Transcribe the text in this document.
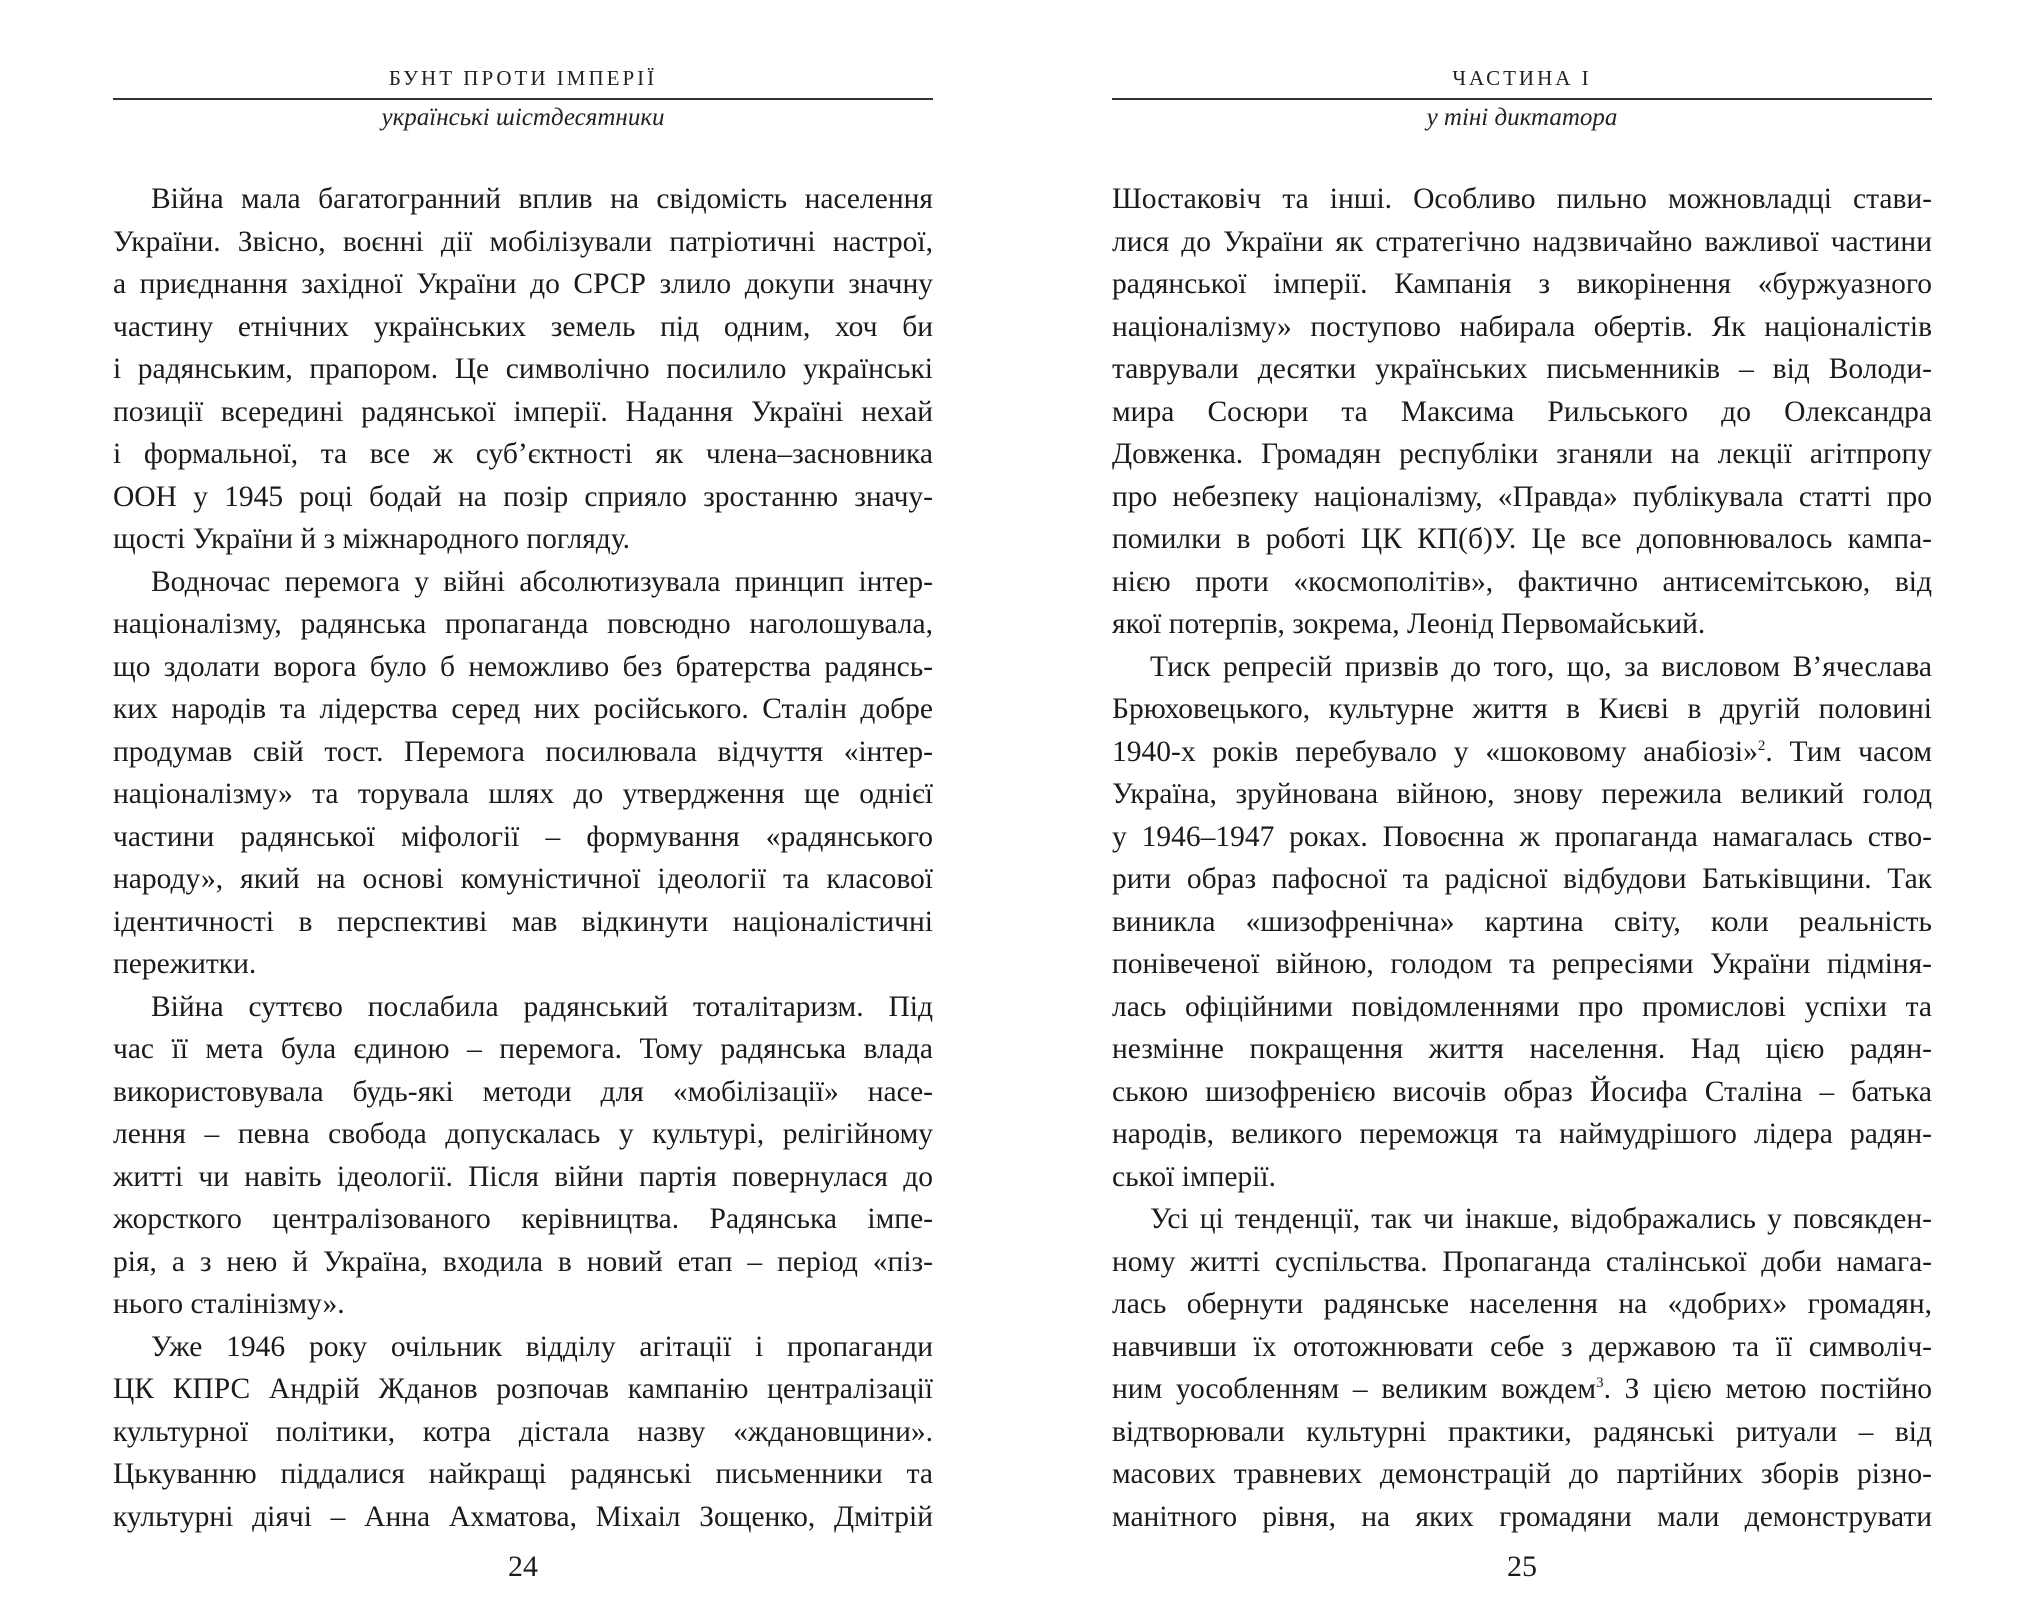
БУНТ ПРОТИ ІМПЕРІЇ
українські шістдесятники
Війна мала багатогранний вплив на свідомість населення
України. Звісно, воєнні дії мобілізували патріотичні настрої,
а приєднання західної України до СРСР злило докупи значну
частину етнічних українських земель під одним, хоч би
і радянським, прапором. Це символічно посилило українські
позиції всередині радянської імперії. Надання Україні нехай
і формальної, та все ж суб’єктності як члена–засновника
ООН у 1945 році бодай на позір сприяло зростанню значу-
щості України й з міжнародного погляду.
Водночас перемога у війні абсолютизувала принцип інтер-
націоналізму, радянська пропаганда повсюдно наголошувала,
що здолати ворога було б неможливо без братерства радянсь-
ких народів та лідерства серед них російського. Сталін добре
продумав свій тост. Перемога посилювала відчуття «інтер-
націоналізму» та торувала шлях до утвердження ще однієї
частини радянської міфології – формування «радянського
народу», який на основі комуністичної ідеології та класової
ідентичності в перспективі мав відкинути націоналістичні
пережитки.
Війна суттєво послабила радянський тоталітаризм. Під
час її мета була єдиною – перемога. Тому радянська влада
використовувала будь-які методи для «мобілізації» насе-
лення – певна свобода допускалась у культурі, релігійному
житті чи навіть ідеології. Після війни партія повернулася до
жорсткого централізованого керівництва. Радянська імпе-
рія, а з нею й Україна, входила в новий етап – період «піз-
нього сталінізму».
Уже 1946 року очільник відділу агітації і пропаганди
ЦК КПРС Андрій Жданов розпочав кампанію централізації
культурної політики, котра дістала назву «ждановщини».
Цькуванню піддалися найкращі радянські письменники та
культурні діячі – Анна Ахматова, Міхаіл Зощенко, Дмітрій
24
ЧАСТИНА І
у тіні диктатора
Шостаковіч та інші. Особливо пильно можновладці стави-
лися до України як стратегічно надзвичайно важливої частини
радянської імперії. Кампанія з викорінення «буржуазного
націоналізму» поступово набирала обертів. Як націоналістів
таврували десятки українських письменників – від Володи-
мира Сосюри та Максима Рильського до Олександра
Довженка. Громадян республіки зганяли на лекції агітпропу
про небезпеку націоналізму, «Правда» публікувала статті про
помилки в роботі ЦК КП(б)У. Це все доповнювалось кампа-
нією проти «космополітів», фактично антисемітською, від
якої потерпів, зокрема, Леонід Первомайський.
Тиск репресій призвів до того, що, за висловом В’ячеслава
Брюховецького, культурне життя в Києві в другій половині
1940-х років перебувало у «шоковому анабіозі»$^2$. Тим часом
Україна, зруйнована війною, знову пережила великий голод
у 1946–1947 роках. Повоєнна ж пропаганда намагалась ство-
рити образ пафосної та радісної відбудови Батьківщини. Так
виникла «шизофренічна» картина світу, коли реальність
понівеченої війною, голодом та репресіями України підміня-
лась офіційними повідомленнями про промислові успіхи та
незмінне покращення життя населення. Над цією радян-
ською шизофренією височів образ Йосифа Сталіна – батька
народів, великого переможця та наймудрішого лідера радян-
ської імперії.
Усі ці тенденції, так чи інакше, відображались у повсякден-
ному житті суспільства. Пропаганда сталінської доби намага-
лась обернути радянське населення на «добрих» громадян,
навчивши їх ототожнювати себе з державою та її символіч-
ним уособленням – великим вождем$^3$. З цією метою постійно
відтворювали культурні практики, радянські ритуали – від
масових травневих демонстрацій до партійних зборів різно-
манітного рівня, на яких громадяни мали демонструвати
25
